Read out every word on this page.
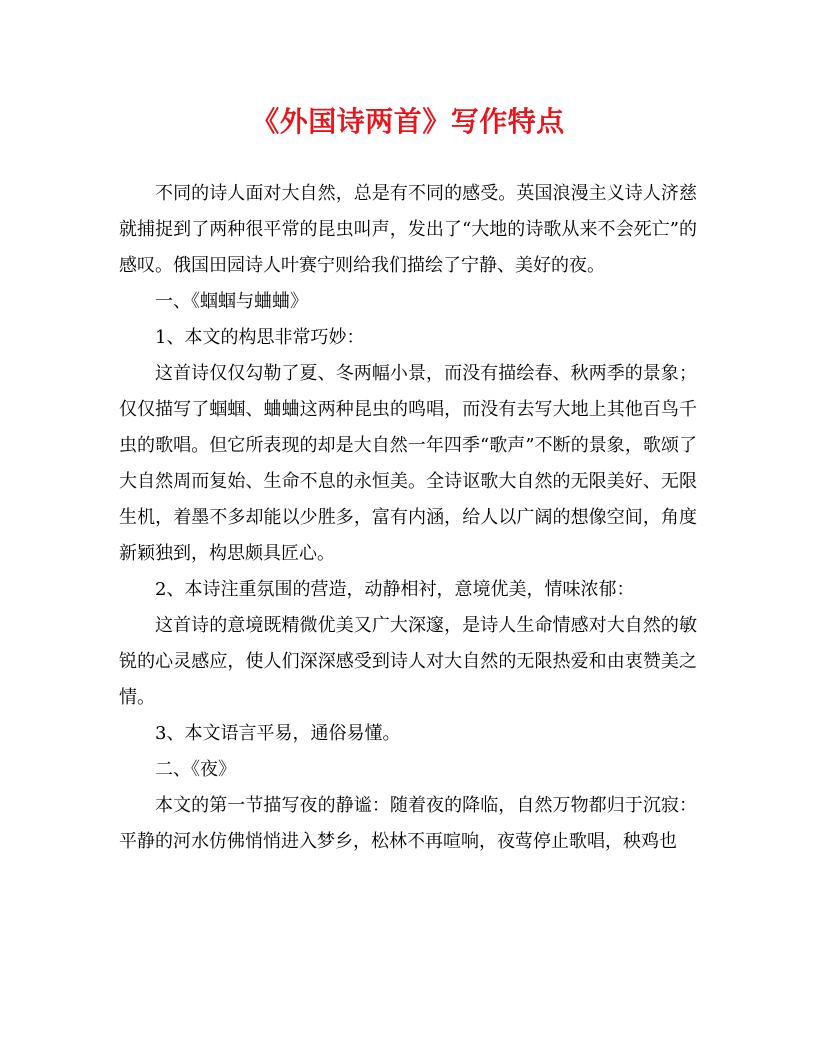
《外国诗两首》写作特点

不同的诗人面对大自然，总是有不同的感受。英国浪漫主义诗人济慈就捕捉到了两种很平常的昆虫叫声，发出了“大地的诗歌从来不会死亡”的感叹。俄国田园诗人叶赛宁则给我们描绘了宁静、美好的夜。

一、《蝈蝈与蛐蛐》

1、本文的构思非常巧妙：

这首诗仅仅勾勒了夏、冬两幅小景，而没有描绘春、秋两季的景象；仅仅描写了蝈蝈、蛐蛐这两种昆虫的鸣唱，而没有去写大地上其他百鸟千虫的歌唱。但它所表现的却是大自然一年四季“歌声”不断的景象，歌颂了大自然周而复始、生命不息的永恒美。全诗讴歌大自然的无限美好、无限生机，着墨不多却能以少胜多，富有内涵，给人以广阔的想像空间，角度新颖独到，构思颇具匠心。

2、本诗注重氛围的营造，动静相衬，意境优美，情味浓郁：

这首诗的意境既精微优美又广大深邃，是诗人生命情感对大自然的敏锐的心灵感应，使人们深深感受到诗人对大自然的无限热爱和由衷赞美之情。

3、本文语言平易，通俗易懂。

二、《夜》

本文的第一节描写夜的静谧：随着夜的降临，自然万物都归于沉寂：平静的河水仿佛悄悄进入梦乡，松林不再喧响，夜莺停止歌唱，秧鸡也
